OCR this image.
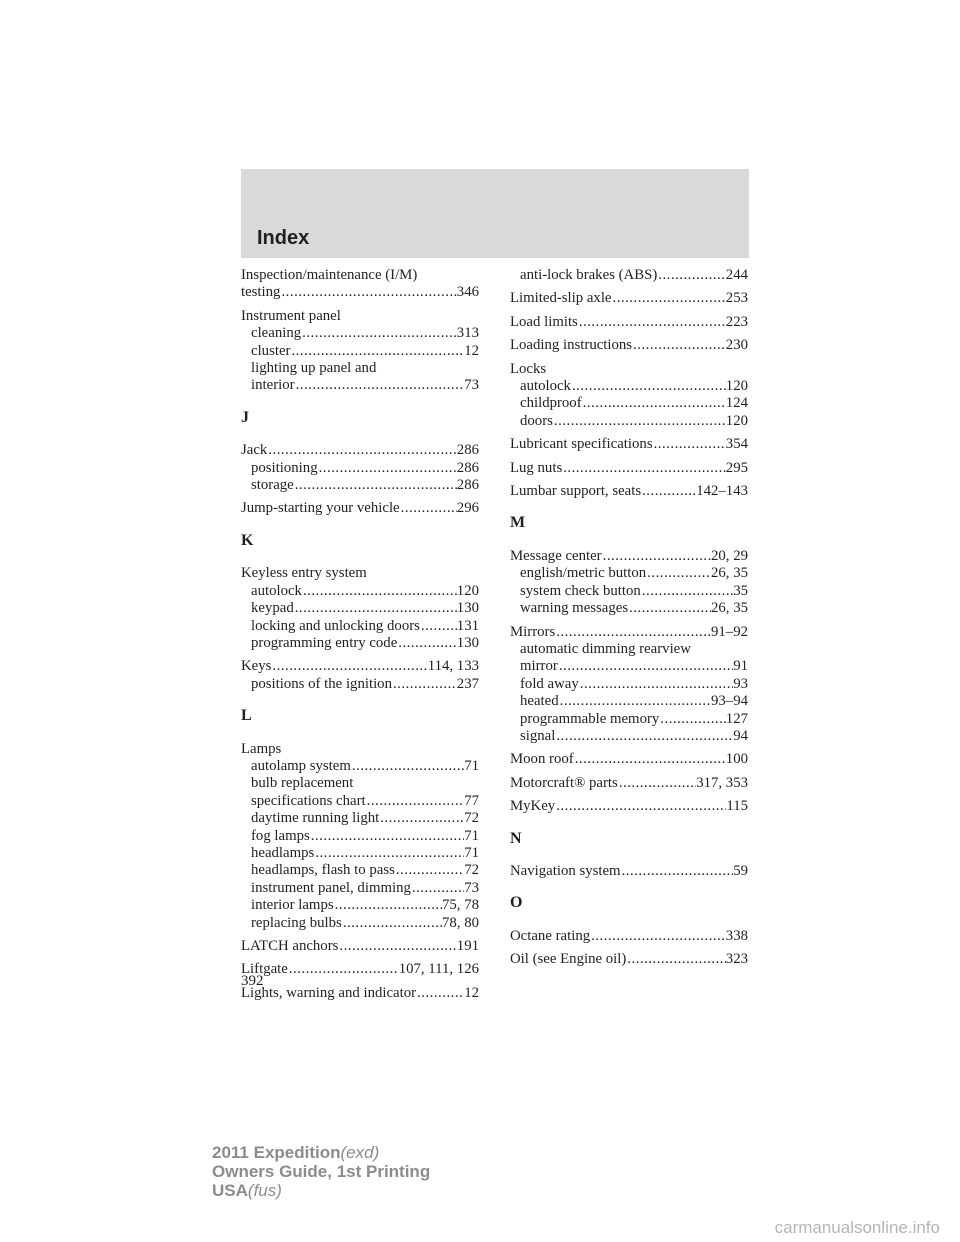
Index
Inspection/maintenance (I/M)
testing .....	346
Instrument panel
cleaning .....	313
cluster .....	12
lighting up panel and
interior .....	73
J
Jack .....	286
positioning .....	286
storage .....	286
Jump-starting your vehicle .....	296
K
Keyless entry system
autolock .....	120
keypad .....	130
locking and unlocking doors ..... 131
programming entry code .....	130
Keys .....	114, 133
positions of the ignition .....	237
L
Lamps
autolamp system .....	71
bulb replacement
specifications chart .....	77
daytime running light .....	72
fog lamps .....	71
headlamps .....	71
headlamps, flash to pass .....	72
instrument panel, dimming .....	73
interior lamps .....	75, 78
replacing bulbs .....	78, 80
LATCH anchors .....	191
Liftgate .....	107, 111, 126
Lights, warning and indicator .....	12
anti-lock brakes (ABS) .....	244
Limited-slip axle .....	253
Load limits .....	223
Loading instructions .....	230
Locks
autolock .....	120
childproof .....	124
doors .....	120
Lubricant specifications .....	354
Lug nuts .....	295
Lumbar support, seats .....	142–143
M
Message center .....	20, 29
english/metric button .....	26, 35
system check button .....	35
warning messages .....	26, 35
Mirrors .....	91–92
automatic dimming rearview
mirror .....	91
fold away .....	93
heated .....	93–94
programmable memory .....	127
signal .....	94
Moon roof .....	100
Motorcraft® parts .....	317, 353
MyKey .....	115
N
Navigation system .....	59
O
Octane rating .....	338
Oil (see Engine oil) .....	323
392
2011 Expedition(exd)
Owners Guide, 1st Printing
USA(fus)
carmanualsonline.info
